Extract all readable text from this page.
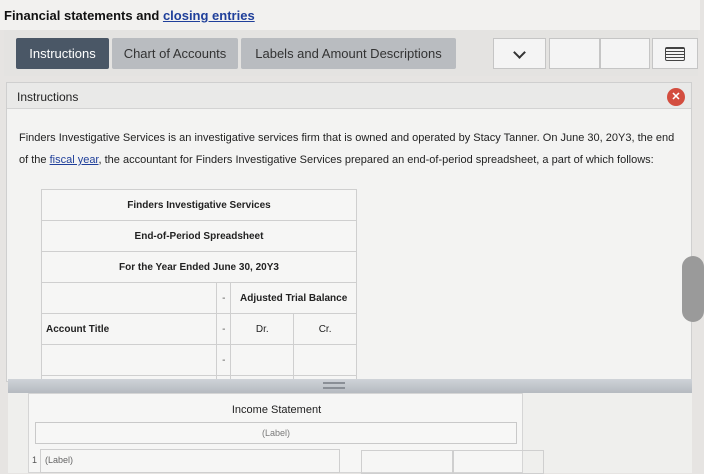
Financial statements and closing entries
Instructions	Chart of Accounts	Labels and Amount Descriptions
Instructions	✕
Finders Investigative Services is an investigative services firm that is owned and operated by Stacy Tanner. On June 30, 20Y3, the end of the fiscal year, the accountant for Finders Investigative Services prepared an end-of-period spreadsheet, a part of which follows:
Finders Investigative Services			
End-of-Period Spreadsheet			
For the Year Ended June 30, 20Y3			
	-	Adjusted Trial Balance	
Account Title	-	Dr.	Cr.
	-		

Income Statement
(Label)
1 (Label)
